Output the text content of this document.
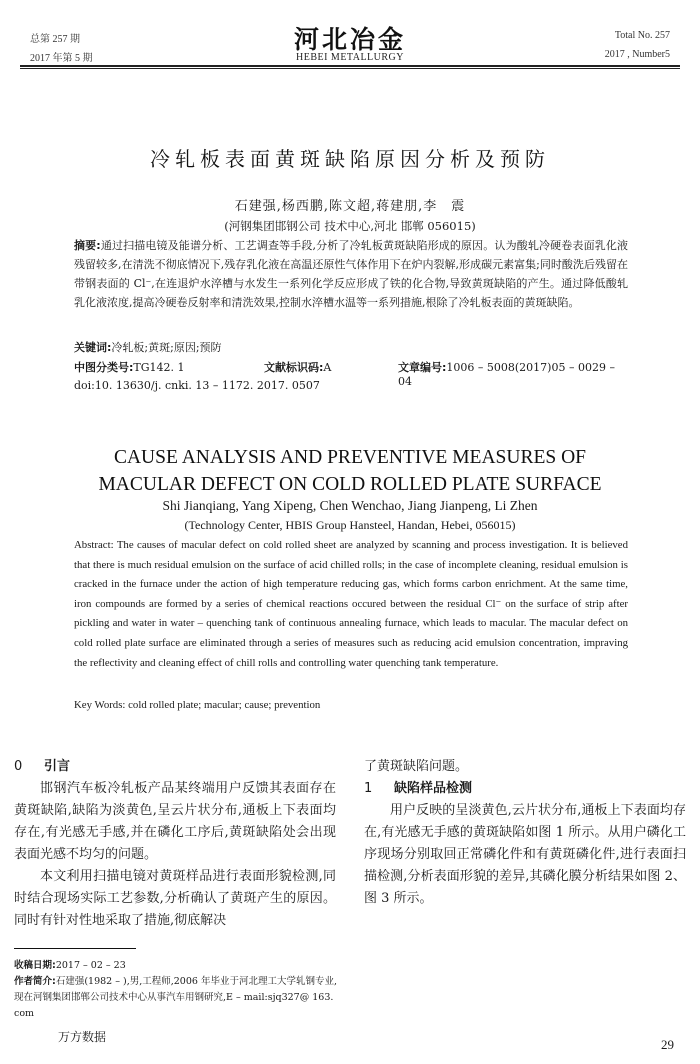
总第 257 期
2017 年第 5 期
河北冶金
HEBEI METALLURGY
Total No. 257
2017 , Number5
冷轧板表面黄斑缺陷原因分析及预防
石建强,杨西鹏,陈文超,蒋建朋,李　震
(河钢集团邯钢公司 技术中心,河北 邯郸 056015)
摘要:通过扫描电镜及能谱分析、工艺调查等手段,分析了冷轧板黄斑缺陷形成的原因。认为酸轧冷硬卷表面乳化液残留较多,在清洗不彻底情况下,残存乳化液在高温还原性气体作用下在炉内裂解,形成碳元素富集;同时酸洗后残留在带钢表面的 Cl⁻,在连退炉水淬槽与水发生一系列化学反应形成了铁的化合物,导致黄斑缺陷的产生。通过降低酸轧乳化液浓度,提高冷硬卷反射率和清洗效果,控制水淬槽水温等一系列措施,根除了冷轧板表面的黄斑缺陷。
关键词:冷轧板;黄斑;原因;预防
中图分类号:TG142. 1	文献标识码:A	文章编号:1006 – 5008(2017)05 – 0029 – 04
doi:10. 13630/j. cnki. 13 – 1172. 2017. 0507
CAUSE ANALYSIS AND PREVENTIVE MEASURES OF
MACULAR DEFECT ON COLD ROLLED PLATE SURFACE
Shi Jianqiang, Yang Xipeng, Chen Wenchao, Jiang Jianpeng, Li Zhen
(Technology Center, HBIS Group Hansteel, Handan, Hebei, 056015)
Abstract: The causes of macular defect on cold rolled sheet are analyzed by scanning and process investigation. It is believed that there is much residual emulsion on the surface of acid chilled rolls; in the case of incomplete cleaning, residual emulsion is cracked in the furnace under the action of high temperature reducing gas, which forms carbon enrichment. At the same time, iron compounds are formed by a series of chemical reactions occured between the residual Cl⁻ on the surface of strip after pickling and water in water – quenching tank of continuous annealing furnace, which leads to macular. The macular defect on cold rolled plate surface are eliminated through a series of measures such as reducing acid emulsion concentration, impraving the reflectivity and cleaning effect of chill rolls and controlling water quenching tank temperature.
Key Words: cold rolled plate; macular; cause; prevention
0 引言

邯钢汽车板冷轧板产品某终端用户反馈其表面存在黄斑缺陷,缺陷为淡黄色,呈云片状分布,通板上下表面均存在,有光感无手感,并在磷化工序后,黄斑缺陷处会出现表面光感不均匀的问题。

本文利用扫描电镜对黄斑样品进行表面形貌检测,同时结合现场实际工艺参数,分析确认了黄斑产生的原因。同时有针对性地采取了措施,彻底解决

了黄斑缺陷问题。
1 缺陷样品检测

用户反映的呈淡黄色,云片状分布,通板上下表面均存在,有光感无手感的黄斑缺陷如图 1 所示。从用户磷化工序现场分别取回正常磷化件和有黄斑磷化件,进行表面扫描检测,分析表面形貌的差异,其磷化膜分析结果如图 2、图 3 所示。

收稿日期:2017 – 02 – 23
作者简介:石建强(1982 – ),男,工程师,2006 年毕业于河北理工大学轧钢专业,现在河钢集团邯郸公司技术中心从事汽车用钢研究,E – mail:sjq327@ 163. com
万方数据	29
